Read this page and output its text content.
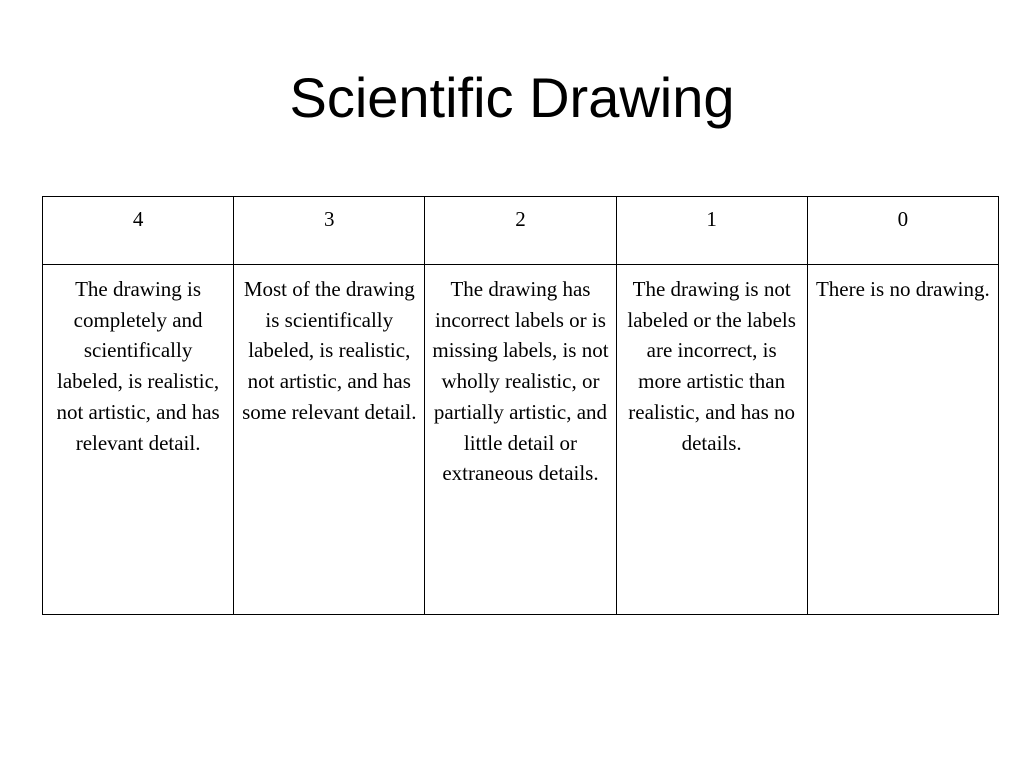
Scientific Drawing
4	3	2	1	0
The drawing is completely and scientifically labeled, is realistic, not artistic, and has relevant detail.	Most of the drawing is scientifically labeled, is realistic, not artistic, and has some relevant detail.	The drawing has incorrect labels or is missing labels, is not wholly realistic, or partially artistic, and little detail or extraneous details.	The drawing is not labeled or the labels are incorrect, is more artistic than realistic, and has no details.	There is no drawing.
